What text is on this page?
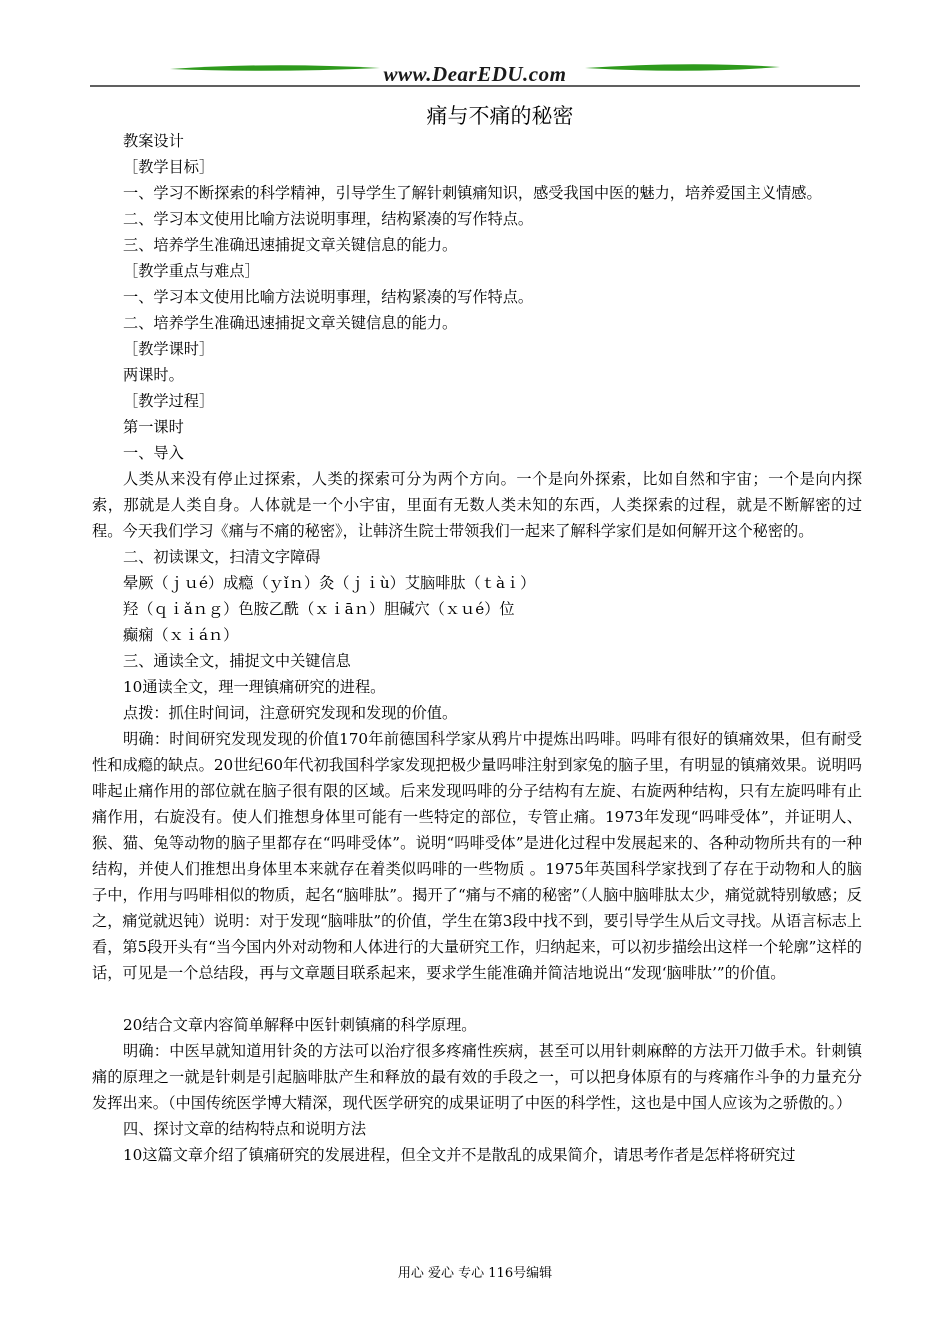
www.DearEDU.com
痛与不痛的秘密

教案设计

［教学目标］

一、学习不断探索的科学精神，引导学生了解针刺镇痛知识，感受我国中医的魅力，培养爱国主义情感。

二、学习本文使用比喻方法说明事理，结构紧凑的写作特点。

三、培养学生准确迅速捕捉文章关键信息的能力。

［教学重点与难点］

一、学习本文使用比喻方法说明事理，结构紧凑的写作特点。

二、培养学生准确迅速捕捉文章关键信息的能力。

［教学课时］

两课时。

［教学过程］

第一课时

一、导入

人类从来没有停止过探索，人类的探索可分为两个方向。一个是向外探索，比如自然和宇宙；一个是向内探索，那就是人类自身。人体就是一个小宇宙，里面有无数人类未知的东西，人类探索的过程，就是不断解密的过程。今天我们学习《痛与不痛的秘密》，让韩济生院士带领我们一起来了解科学家们是如何解开这个秘密的。

二、初读课文，扫清文字障碍

晕厥（ｊｕé）成瘾（ｙǐｎ）灸（ｊｉù）艾脑啡肽（ｔàｉ）

羟（ｑｉǎｎｇ）色胺乙酰（ｘｉāｎ）胆碱穴（ｘｕé）位

癫痫（ｘｉáｎ）

三、通读全文，捕捉文中关键信息

10通读全文，理一理镇痛研究的进程。

点拨：抓住时间词，注意研究发现和发现的价值。

明确：时间研究发现发现的价值170年前德国科学家从鸦片中提炼出吗啡。吗啡有很好的镇痛效果，但有耐受性和成瘾的缺点。20世纪60年代初我国科学家发现把极少量吗啡注射到家兔的脑子里，有明显的镇痛效果。说明吗啡起止痛作用的部位就在脑子很有限的区域。后来发现吗啡的分子结构有左旋、右旋两种结构，只有左旋吗啡有止痛作用，右旋没有。使人们推想身体里可能有一些特定的部位，专管止痛。1973年发现“吗啡受体”，并证明人、猴、猫、兔等动物的脑子里都存在“吗啡受体”。说明“吗啡受体”是进化过程中发展起来的、各种动物所共有的一种结构，并使人们推想出身体里本来就存在着类似吗啡的一些物质 。1975年英国科学家找到了存在于动物和人的脑子中，作用与吗啡相似的物质，起名“脑啡肽”。揭开了“痛与不痛的秘密”（人脑中脑啡肽太少，痛觉就特别敏感；反之，痛觉就迟钝）说明：对于发现“脑啡肽”的价值，学生在第3段中找不到，要引导学生从后文寻找。从语言标志上看，第5段开头有“当今国内外对动物和人体进行的大量研究工作，归纳起来，可以初步描绘出这样一个轮廓”这样的话，可见是一个总结段，再与文章题目联系起来，要求学生能准确并简洁地说出“发现‘脑啡肽’”的价值。

20结合文章内容简单解释中医针刺镇痛的科学原理。

明确：中医早就知道用针灸的方法可以治疗很多疼痛性疾病，甚至可以用针刺麻醉的方法开刀做手术。针刺镇痛的原理之一就是针刺是引起脑啡肽产生和释放的最有效的手段之一，可以把身体原有的与疼痛作斗争的力量充分发挥出来。（中国传统医学博大精深，现代医学研究的成果证明了中医的科学性，这也是中国人应该为之骄傲的。）

四、探讨文章的结构特点和说明方法

10这篇文章介绍了镇痛研究的发展进程，但全文并不是散乱的成果简介，请思考作者是怎样将研究过

用心 爱心 专心 116号编辑
